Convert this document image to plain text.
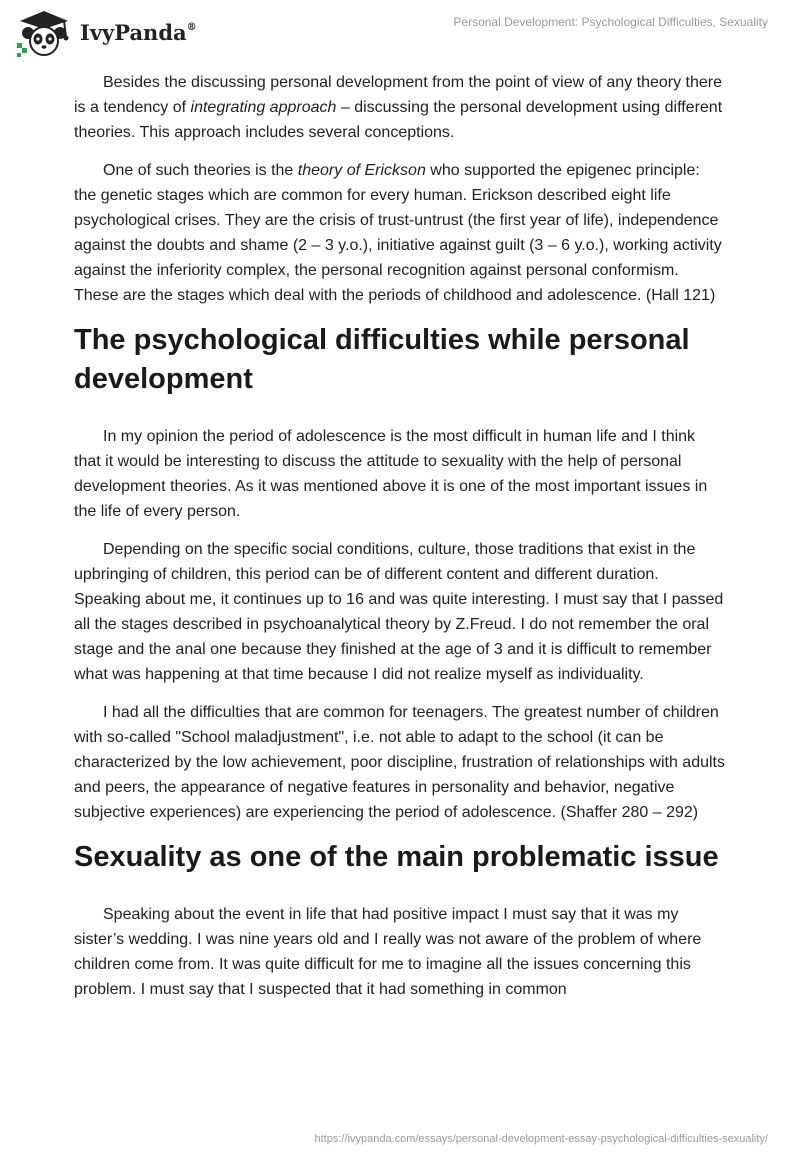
IvyPanda®	Personal Development: Psychological Difficulties, Sexuality

Besides the discussing personal development from the point of view of any theory there is a tendency of integrating approach – discussing the personal development using different theories. This approach includes several conceptions.

One of such theories is the theory of Erickson who supported the epigenec principle: the genetic stages which are common for every human. Erickson described eight life psychological crises. They are the crisis of trust-untrust (the first year of life), independence against the doubts and shame (2 – 3 y.o.), initiative against guilt (3 – 6 y.o.), working activity against the inferiority complex, the personal recognition against personal conformism. These are the stages which deal with the periods of childhood and adolescence. (Hall 121)

The psychological difficulties while personal development

In my opinion the period of adolescence is the most difficult in human life and I think that it would be interesting to discuss the attitude to sexuality with the help of personal development theories. As it was mentioned above it is one of the most important issues in the life of every person.

Depending on the specific social conditions, culture, those traditions that exist in the upbringing of children, this period can be of different content and different duration. Speaking about me, it continues up to 16 and was quite interesting. I must say that I passed all the stages described in psychoanalytical theory by Z.Freud. I do not remember the oral stage and the anal one because they finished at the age of 3 and it is difficult to remember what was happening at that time because I did not realize myself as individuality.

I had all the difficulties that are common for teenagers. The greatest number of children with so-called "School maladjustment", i.e. not able to adapt to the school (it can be characterized by the low achievement, poor discipline, frustration of relationships with adults and peers, the appearance of negative features in personality and behavior, negative subjective experiences) are experiencing the period of adolescence. (Shaffer 280 – 292)

Sexuality as one of the main problematic issue

Speaking about the event in life that had positive impact I must say that it was my sister’s wedding. I was nine years old and I really was not aware of the problem of where children come from. It was quite difficult for me to imagine all the issues concerning this problem. I must say that I suspected that it had something in common

https://ivypanda.com/essays/personal-development-essay-psychological-difficulties-sexuality/
